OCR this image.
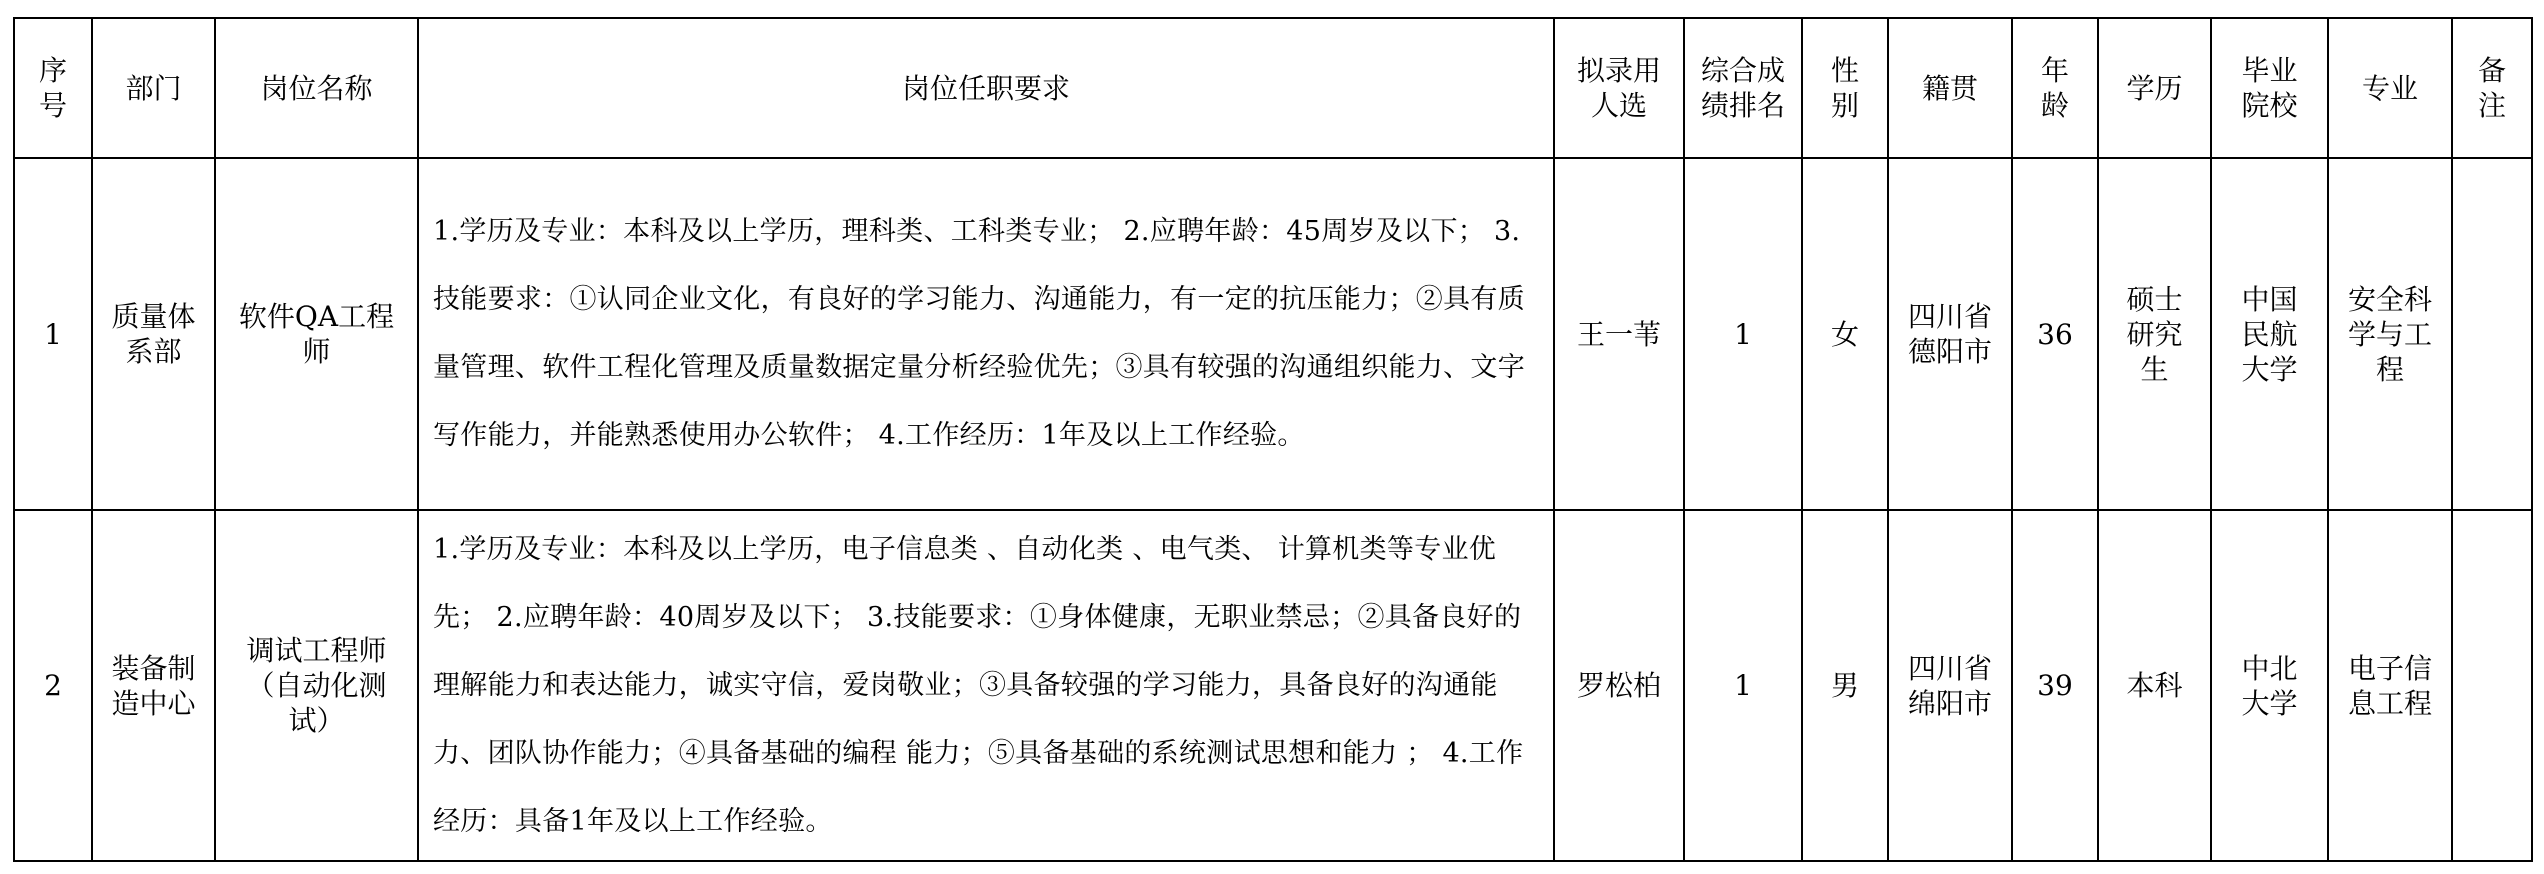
序号	部门	岗位名称	岗位任职要求	拟录用人选	综合成绩排名	性别	籍贯	年龄	学历	毕业院校	专业	备注

1	质量体系部	软件QA工程师	1.学历及专业：本科及以上学历，理科类、工科类专业； 2.应聘年龄：45周岁及以下； 3.技能要求：①认同企业文化，有良好的学习能力、沟通能力，有一定的抗压能力；②具有质量管理、软件工程化管理及质量数据定量分析经验优先；③具有较强的沟通组织能力、文字写作能力，并能熟悉使用办公软件； 4.工作经历：1年及以上工作经验。	王一苇	1	女	四川省德阳市	36	硕士研究生	中国民航大学	安全科学与工程	

2	装备制造中心	调试工程师（自动化测试）	1.学历及专业：本科及以上学历，电子信息类 、自动化类 、电气类、 计算机类等专业优先； 2.应聘年龄：40周岁及以下； 3.技能要求：①身体健康，无职业禁忌；②具备良好的理解能力和表达能力，诚实守信，爱岗敬业；③具备较强的学习能力，具备良好的沟通能力、团队协作能力；④具备基础的编程 能力；⑤具备基础的系统测试思想和能力 ； 4.工作经历：具备1年及以上工作经验。	罗松柏	1	男	四川省绵阳市	39	本科	中北大学	电子信息工程	
